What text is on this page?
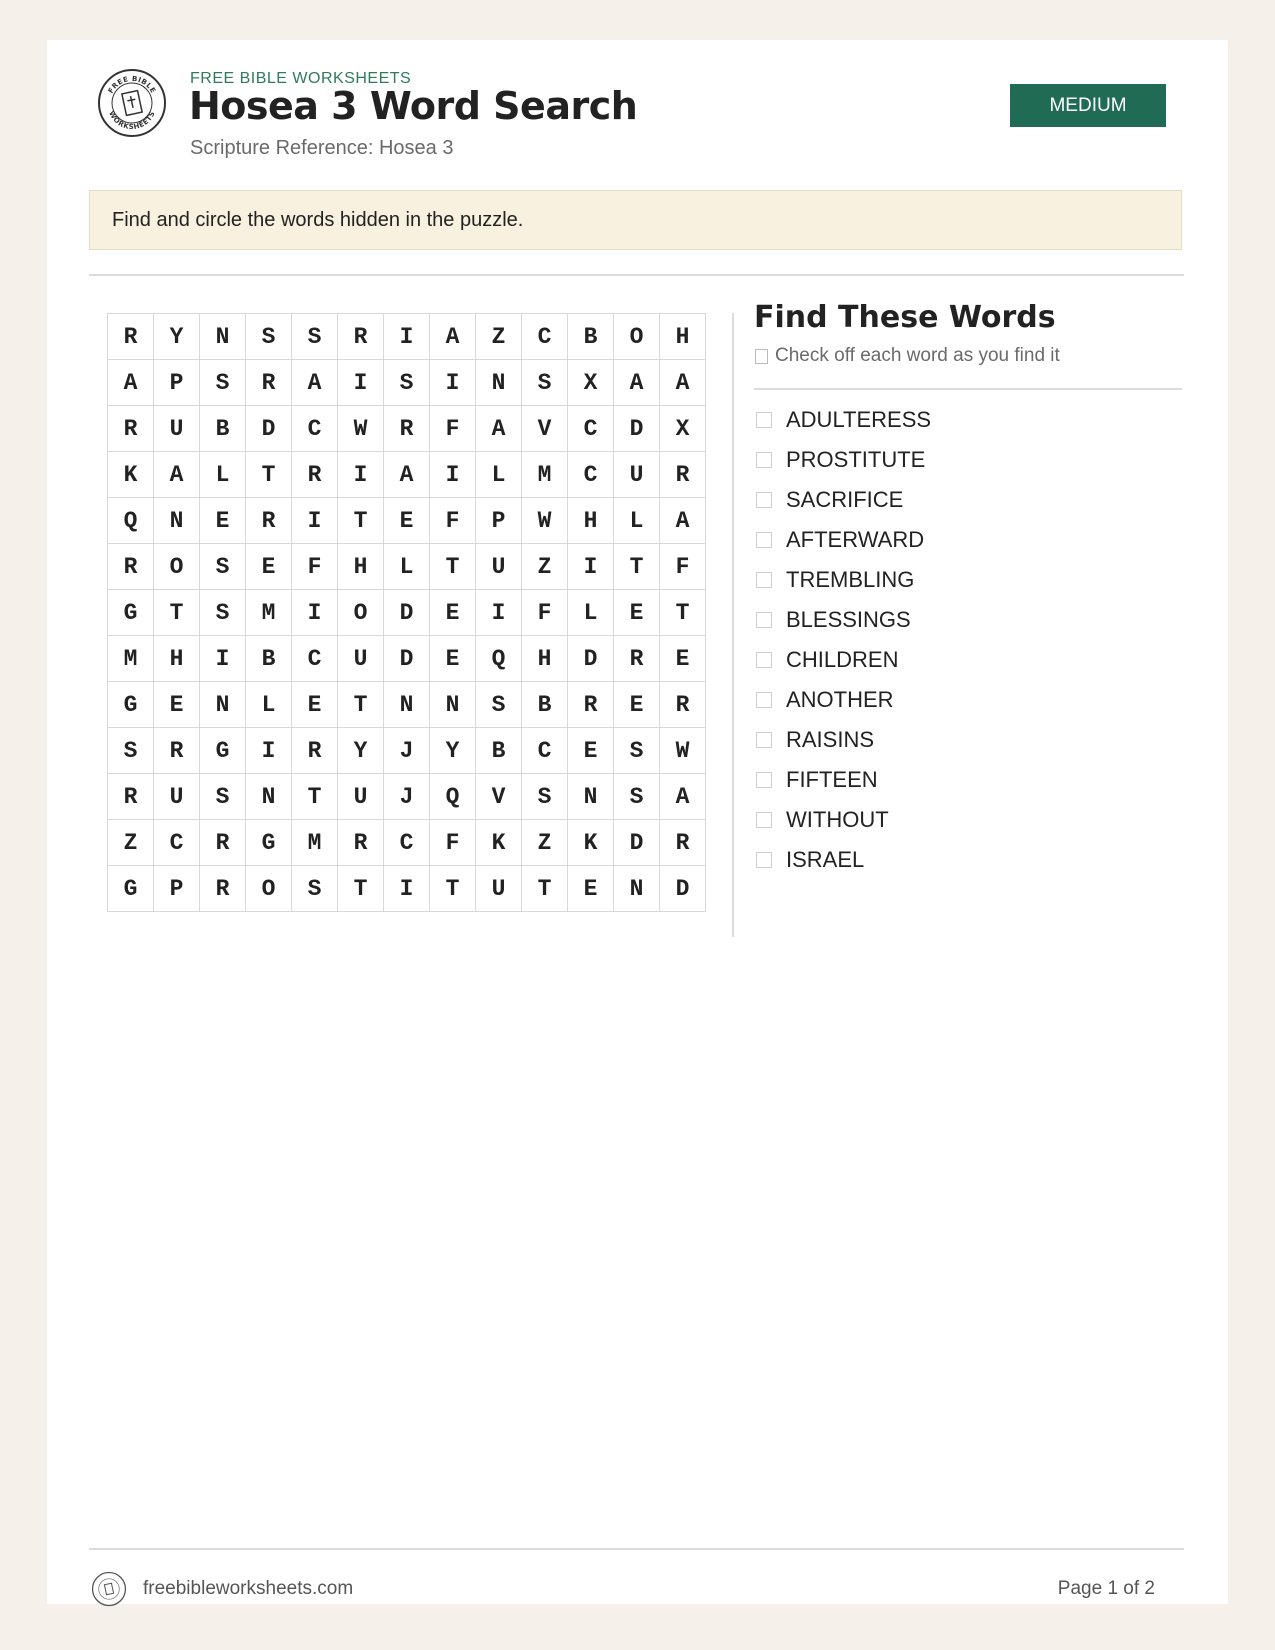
FREE BIBLE
WORKSHEETS
FREE BIBLE WORKSHEETS
Hosea 3 Word Search
Scripture Reference: Hosea 3
MEDIUM
Find and circle the words hidden in the puzzle.
R	Y	N	S	S	R	I	A	Z	C	B	O	H
A	P	S	R	A	I	S	I	N	S	X	A	A
R	U	B	D	C	W	R	F	A	V	C	D	X
K	A	L	T	R	I	A	I	L	M	C	U	R
Q	N	E	R	I	T	E	F	P	W	H	L	A
R	O	S	E	F	H	L	T	U	Z	I	T	F
G	T	S	M	I	O	D	E	I	F	L	E	T
M	H	I	B	C	U	D	E	Q	H	D	R	E
G	E	N	L	E	T	N	N	S	B	R	E	R
S	R	G	I	R	Y	J	Y	B	C	E	S	W
R	U	S	N	T	U	J	Q	V	S	N	S	A
Z	C	R	G	M	R	C	F	K	Z	K	D	R
G	P	R	O	S	T	I	T	U	T	E	N	D
Find These Words
Check off each word as you find it
ADULTERESS
PROSTITUTE
SACRIFICE
AFTERWARD
TREMBLING
BLESSINGS
CHILDREN
ANOTHER
RAISINS
FIFTEEN
WITHOUT
ISRAEL
freebibleworksheets.com	Page 1 of 2
